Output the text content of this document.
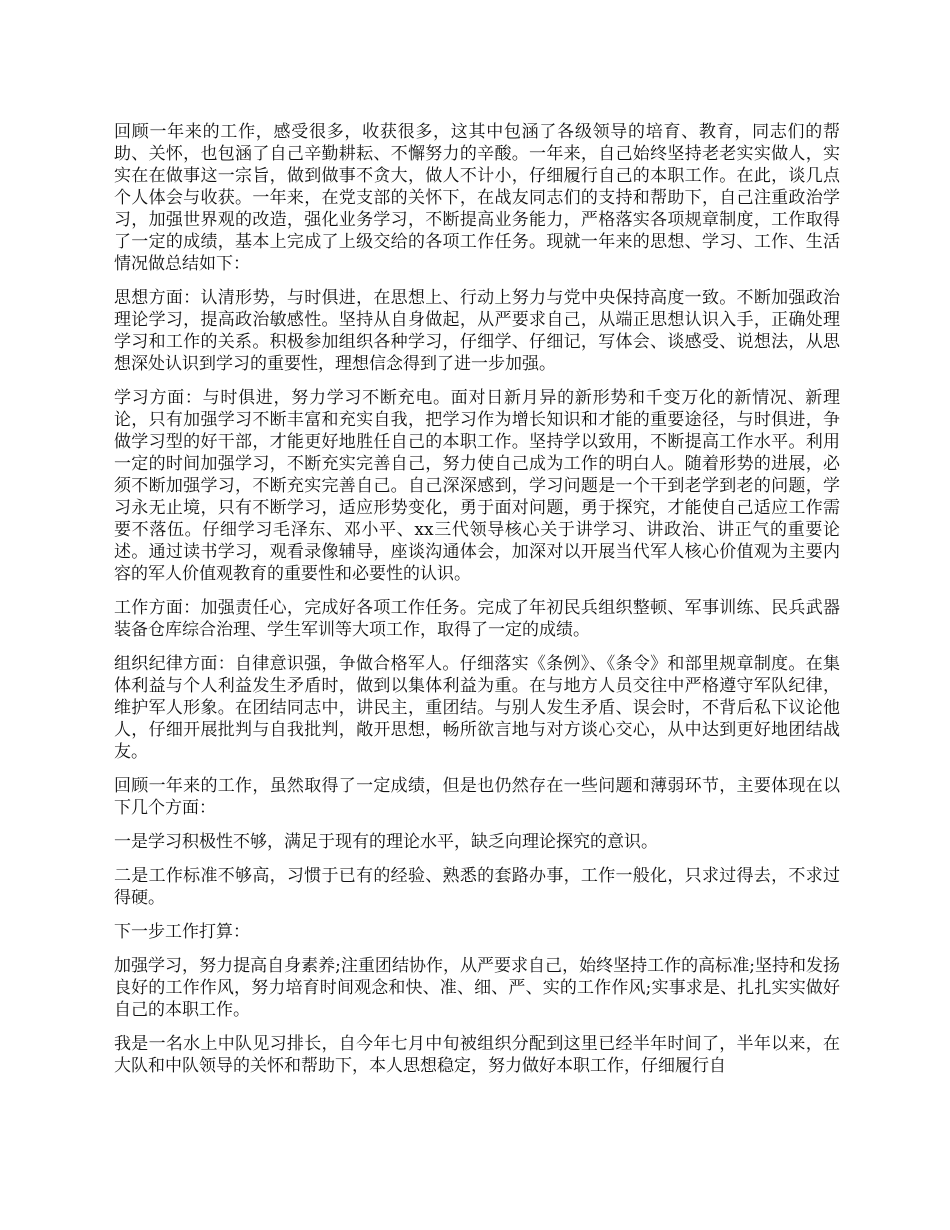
回顾一年来的工作，感受很多，收获很多，这其中包涵了各级领导的培育、教育，同志们的帮助、关怀，也包涵了自己辛勤耕耘、不懈努力的辛酸。一年来，自己始终坚持老老实实做人，实实在在做事这一宗旨，做到做事不贪大，做人不计小，仔细履行自己的本职工作。在此，谈几点个人体会与收获。一年来，在党支部的关怀下，在战友同志们的支持和帮助下，自己注重政治学习，加强世界观的改造，强化业务学习，不断提高业务能力，严格落实各项规章制度，工作取得了一定的成绩，基本上完成了上级交给的各项工作任务。现就一年来的思想、学习、工作、生活情况做总结如下：

思想方面：认清形势，与时俱进，在思想上、行动上努力与党中央保持高度一致。不断加强政治理论学习，提高政治敏感性。坚持从自身做起，从严要求自己，从端正思想认识入手，正确处理学习和工作的关系。积极参加组织各种学习，仔细学、仔细记，写体会、谈感受、说想法，从思想深处认识到学习的重要性，理想信念得到了进一步加强。

学习方面：与时俱进，努力学习不断充电。面对日新月异的新形势和千变万化的新情况、新理论，只有加强学习不断丰富和充实自我，把学习作为增长知识和才能的重要途径，与时俱进，争做学习型的好干部，才能更好地胜任自己的本职工作。坚持学以致用，不断提高工作水平。利用一定的时间加强学习，不断充实完善自己，努力使自己成为工作的明白人。随着形势的进展，必须不断加强学习，不断充实完善自己。自己深深感到，学习问题是一个干到老学到老的问题，学习永无止境，只有不断学习，适应形势变化，勇于面对问题，勇于探究，才能使自己适应工作需要不落伍。仔细学习毛泽东、邓小平、xx三代领导核心关于讲学习、讲政治、讲正气的重要论述。通过读书学习，观看录像辅导，座谈沟通体会，加深对以开展当代军人核心价值观为主要内容的军人价值观教育的重要性和必要性的认识。

工作方面：加强责任心，完成好各项工作任务。完成了年初民兵组织整顿、军事训练、民兵武器装备仓库综合治理、学生军训等大项工作，取得了一定的成绩。

组织纪律方面：自律意识强，争做合格军人。仔细落实《条例》、《条令》和部里规章制度。在集体利益与个人利益发生矛盾时，做到以集体利益为重。在与地方人员交往中严格遵守军队纪律，维护军人形象。在团结同志中，讲民主，重团结。与别人发生矛盾、误会时，不背后私下议论他人，仔细开展批判与自我批判，敞开思想，畅所欲言地与对方谈心交心，从中达到更好地团结战友。

回顾一年来的工作，虽然取得了一定成绩，但是也仍然存在一些问题和薄弱环节，主要体现在以下几个方面：

一是学习积极性不够，满足于现有的理论水平，缺乏向理论探究的意识。

二是工作标准不够高，习惯于已有的经验、熟悉的套路办事，工作一般化，只求过得去，不求过得硬。

下一步工作打算：

加强学习，努力提高自身素养;注重团结协作，从严要求自己，始终坚持工作的高标准;坚持和发扬良好的工作作风，努力培育时间观念和快、准、细、严、实的工作作风;实事求是、扎扎实实做好自己的本职工作。

我是一名水上中队见习排长，自今年七月中旬被组织分配到这里已经半年时间了，半年以来，在大队和中队领导的关怀和帮助下，本人思想稳定，努力做好本职工作，仔细履行自
